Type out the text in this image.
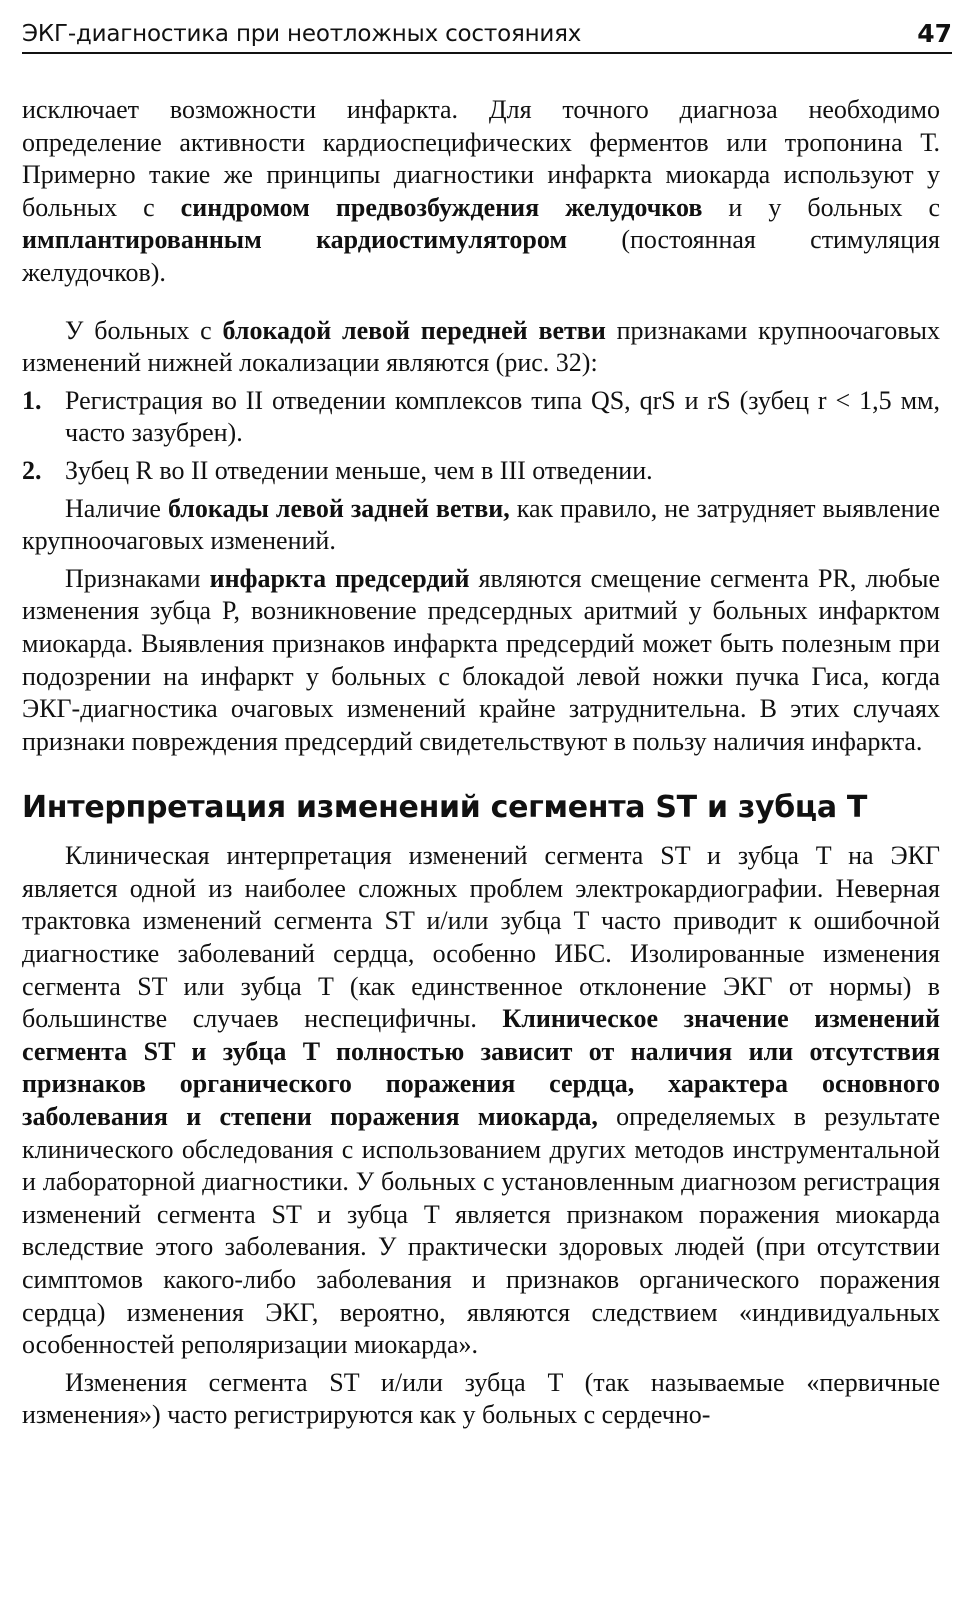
ЭКГ-диагностика при неотложных состояниях	47

исключает возможности инфаркта. Для точного диагноза необходимо определение активности кардиоспецифических ферментов или тропонина Т. Примерно такие же принципы диагностики инфаркта миокарда используют у больных с синдромом предвозбуждения желудочков и у больных с имплантированным кардиостимулятором (постоянная стимуляция желудочков).

У больных с блокадой левой передней ветви признаками крупноочаговых изменений нижней локализации являются (рис. 32):

1. Регистрация во II отведении комплексов типа QS, qrS и rS (зубец r < 1,5 мм, часто зазубрен).
2. Зубец R во II отведении меньше, чем в III отведении.

Наличие блокады левой задней ветви, как правило, не затрудняет выявление крупноочаговых изменений.

Признаками инфаркта предсердий являются смещение сегмента PR, любые изменения зубца P, возникновение предсердных аритмий у больных инфарктом миокарда. Выявления признаков инфаркта предсердий может быть полезным при подозрении на инфаркт у больных с блокадой левой ножки пучка Гиса, когда ЭКГ-диагностика очаговых изменений крайне затруднительна. В этих случаях признаки повреждения предсердий свидетельствуют в пользу наличия инфаркта.

Интерпретация изменений сегмента ST и зубца T

Клиническая интерпретация изменений сегмента ST и зубца T на ЭКГ является одной из наиболее сложных проблем электрокардиографии. Неверная трактовка изменений сегмента ST и/или зубца T часто приводит к ошибочной диагностике заболеваний сердца, особенно ИБС. Изолированные изменения сегмента ST или зубца T (как единственное отклонение ЭКГ от нормы) в большинстве случаев неспецифичны. Клиническое значение изменений сегмента ST и зубца T полностью зависит от наличия или отсутствия признаков органического поражения сердца, характера основного заболевания и степени поражения миокарда, определяемых в результате клинического обследования с использованием других методов инструментальной и лабораторной диагностики. У больных с установленным диагнозом регистрация изменений сегмента ST и зубца T является признаком поражения миокарда вследствие этого заболевания. У практически здоровых людей (при отсутствии симптомов какого-либо заболевания и признаков органического поражения сердца) изменения ЭКГ, вероятно, являются следствием «индивидуальных особенностей реполяризации миокарда».

Изменения сегмента ST и/или зубца T (так называемые «первичные изменения») часто регистрируются как у больных с сердечно-
